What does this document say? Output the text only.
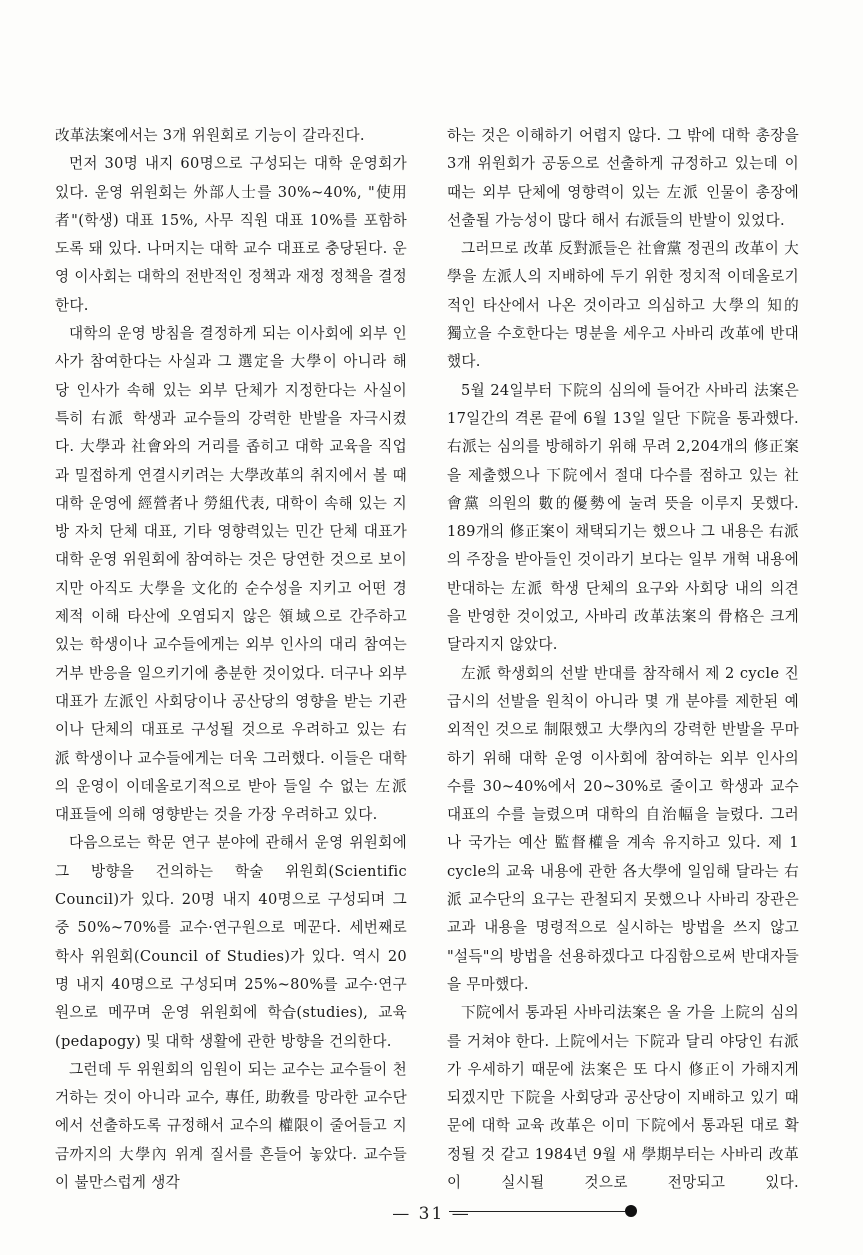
改革法案에서는 3개 위원회로 기능이 갈라진다.

먼저 30명 내지 60명으로 구성되는 대학 운영회가 있다. 운영 위원회는 外部人士를 30%~40%, "使用者"(학생) 대표 15%, 사무 직원 대표 10%를 포함하도록 돼 있다. 나머지는 대학 교수 대표로 충당된다. 운영 이사회는 대학의 전반적인 정책과 재정 정책을 결정한다.

대학의 운영 방침을 결정하게 되는 이사회에 외부 인사가 참여한다는 사실과 그 選定을 大學이 아니라 해당 인사가 속해 있는 외부 단체가 지정한다는 사실이 특히 右派 학생과 교수들의 강력한 반발을 자극시켰다. 大學과 社會와의 거리를 좁히고 대학 교육을 직업과 밀접하게 연결시키려는 大學改革의 취지에서 볼 때 대학 운영에 經營者나 勞組代表, 대학이 속해 있는 지방 자치 단체 대표, 기타 영향력있는 민간 단체 대표가 대학 운영 위원회에 참여하는 것은 당연한 것으로 보이지만 아직도 大學을 文化的 순수성을 지키고 어떤 경제적 이해 타산에 오염되지 않은 領域으로 간주하고 있는 학생이나 교수들에게는 외부 인사의 대리 참여는 거부 반응을 일으키기에 충분한 것이었다. 더구나 외부 대표가 左派인 사회당이나 공산당의 영향을 받는 기관이나 단체의 대표로 구성될 것으로 우려하고 있는 右派 학생이나 교수들에게는 더욱 그러했다. 이들은 대학의 운영이 이데올로기적으로 받아 들일 수 없는 左派 대표들에 의해 영향받는 것을 가장 우려하고 있다.

다음으로는 학문 연구 분야에 관해서 운영 위원회에 그 방향을 건의하는 학술 위원회(Scientific Council)가 있다. 20명 내지 40명으로 구성되며 그 중 50%~70%를 교수·연구원으로 메꾼다. 세번째로 학사 위원회(Council of Studies)가 있다. 역시 20명 내지 40명으로 구성되며 25%~80%를 교수·연구원으로 메꾸며 운영 위원회에 학습(studies), 교육(pedapogy) 및 대학 생활에 관한 방향을 건의한다.

그런데 두 위원회의 임원이 되는 교수는 교수들이 천거하는 것이 아니라 교수, 專任, 助敎를 망라한 교수단에서 선출하도록 규정해서 교수의 權限이 줄어들고 지금까지의 大學內 위계 질서를 흔들어 놓았다. 교수들이 불만스럽게 생각

하는 것은 이해하기 어렵지 않다. 그 밖에 대학 총장을 3개 위원회가 공동으로 선출하게 규정하고 있는데 이 때는 외부 단체에 영향력이 있는 左派 인물이 총장에 선출될 가능성이 많다 해서 右派들의 반발이 있었다.

그러므로 改革 反對派들은 社會黨 정권의 改革이 大學을 左派人의 지배하에 두기 위한 정치적 이데올로기적인 타산에서 나온 것이라고 의심하고 大學의 知的 獨立을 수호한다는 명분을 세우고 사바리 改革에 반대했다.

5월 24일부터 下院의 심의에 들어간 사바리 法案은 17일간의 격론 끝에 6월 13일 일단 下院을 통과했다. 右派는 심의를 방해하기 위해 무려 2,204개의 修正案을 제출했으나 下院에서 절대 다수를 점하고 있는 社會黨 의원의 數的優勢에 눌려 뜻을 이루지 못했다. 189개의 修正案이 채택되기는 했으나 그 내용은 右派의 주장을 받아들인 것이라기 보다는 일부 개혁 내용에 반대하는 左派 학생 단체의 요구와 사회당 내의 의견을 반영한 것이었고, 사바리 改革法案의 骨格은 크게 달라지지 않았다.

左派 학생회의 선발 반대를 참작해서 제 2 cycle 진급시의 선발을 원칙이 아니라 몇 개 분야를 제한된 예외적인 것으로 制限했고 大學內의 강력한 반발을 무마하기 위해 대학 운영 이사회에 참여하는 외부 인사의 수를 30~40%에서 20~30%로 줄이고 학생과 교수 대표의 수를 늘렸으며 대학의 自治幅을 늘렸다. 그러나 국가는 예산 監督權을 계속 유지하고 있다. 제 1 cycle의 교육 내용에 관한 各大學에 일임해 달라는 右派 교수단의 요구는 관철되지 못했으나 사바리 장관은 교과 내용을 명령적으로 실시하는 방법을 쓰지 않고 "설득"의 방법을 선용하겠다고 다짐함으로써 반대자들을 무마했다.

下院에서 통과된 사바리法案은 올 가을 上院의 심의를 거쳐야 한다. 上院에서는 下院과 달리 야당인 右派가 우세하기 때문에 法案은 또 다시 修正이 가해지게 되겠지만 下院을 사회당과 공산당이 지배하고 있기 때문에 대학 교육 改革은 이미 下院에서 통과된 대로 확정될 것 같고 1984년 9월 새 學期부터는 사바리 改革이 실시될 것으로 전망되고 있다.

— 31 —
